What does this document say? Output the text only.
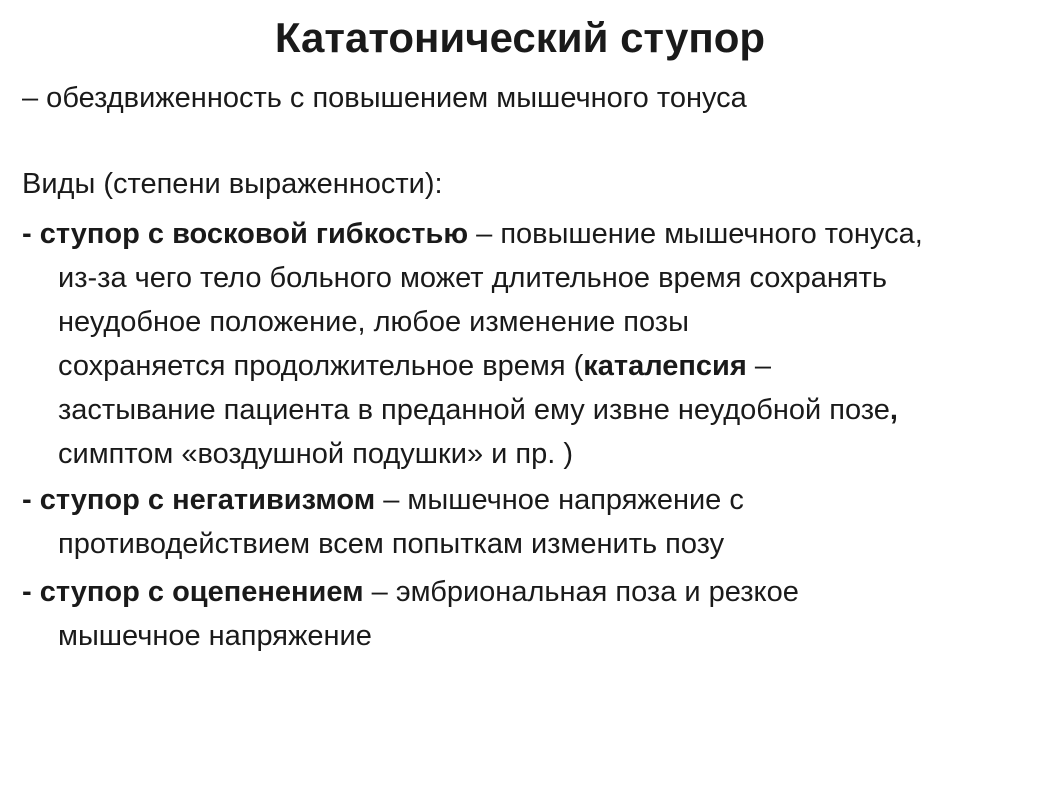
Кататонический ступор
– обездвиженность с повышением мышечного тонуса
Виды (степени выраженности):
- ступор с восковой гибкостью – повышение мышечного тонуса,
из-за чего тело больного может длительное время сохранять
неудобное положение, любое изменение позы
сохраняется продолжительное время (каталепсия –
застывание пациента в преданной ему извне неудобной позе,
симптом «воздушной подушки» и пр. )
- ступор с негативизмом – мышечное напряжение с
противодействием всем попыткам изменить позу
- ступор с оцепенением – эмбриональная поза и резкое
мышечное напряжение
